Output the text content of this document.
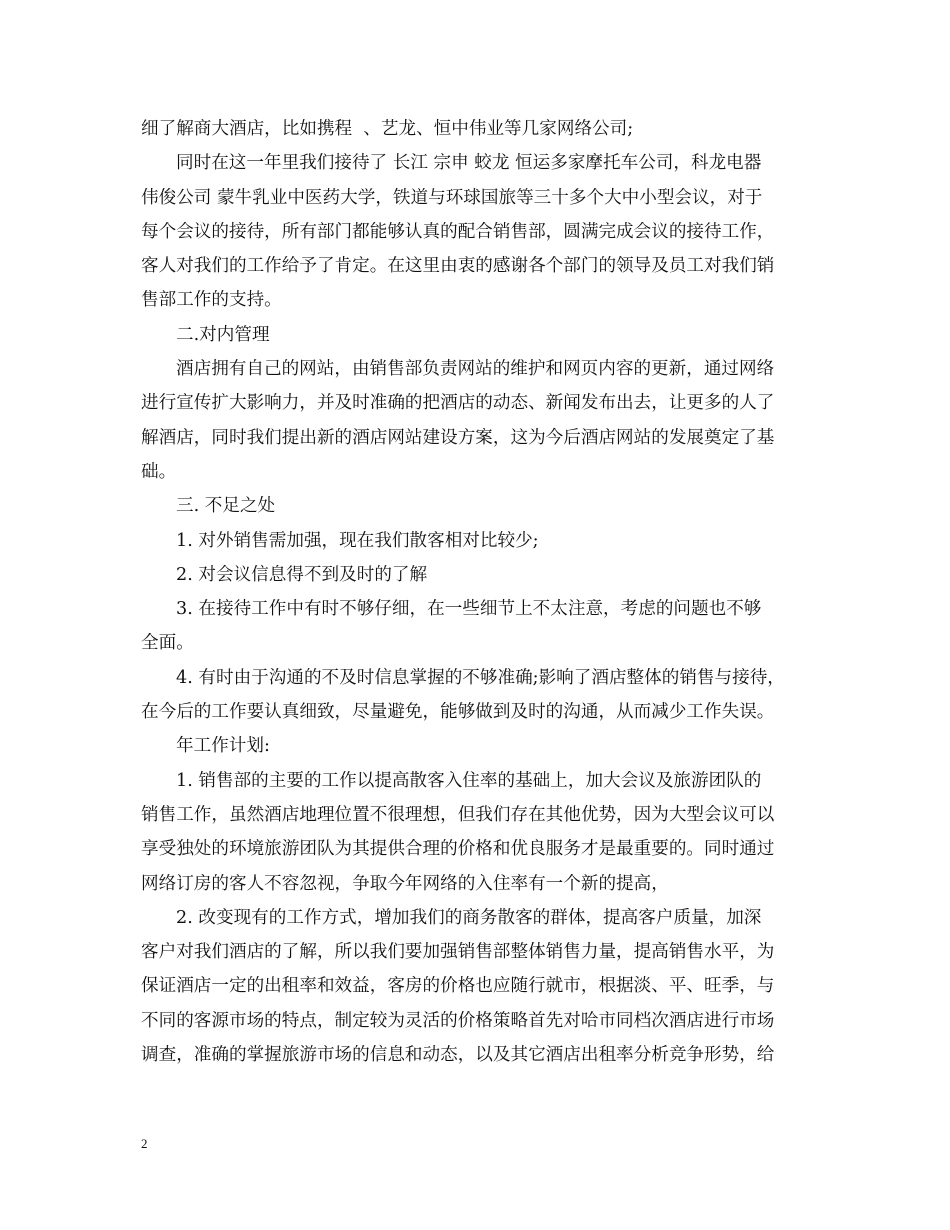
细了解商大酒店，比如携程  、艺龙、恒中伟业等几家网络公司;
同时在这一年里我们接待了 长江 宗申 蛟龙 恒运多家摩托车公司，科龙电器
伟俊公司 蒙牛乳业中医药大学，铁道与环球国旅等三十多个大中小型会议，对于
每个会议的接待，所有部门都能够认真的配合销售部，圆满完成会议的接待工作，
客人对我们的工作给予了肯定。在这里由衷的感谢各个部门的领导及员工对我们销
售部工作的支持。
二.对内管理
酒店拥有自己的网站，由销售部负责网站的维护和网页内容的更新，通过网络
进行宣传扩大影响力，并及时准确的把酒店的动态、新闻发布出去，让更多的人了
解酒店，同时我们提出新的酒店网站建设方案，这为今后酒店网站的发展奠定了基
础。
三. 不足之处
1. 对外销售需加强，现在我们散客相对比较少;
2. 对会议信息得不到及时的了解
3. 在接待工作中有时不够仔细，在一些细节上不太注意，考虑的问题也不够
全面。
4. 有时由于沟通的不及时信息掌握的不够准确;影响了酒店整体的销售与接待，
在今后的工作要认真细致，尽量避免，能够做到及时的沟通，从而减少工作失误。
年工作计划:
1. 销售部的主要的工作以提高散客入住率的基础上，加大会议及旅游团队的
销售工作，虽然酒店地理位置不很理想，但我们存在其他优势，因为大型会议可以
享受独处的环境旅游团队为其提供合理的价格和优良服务才是最重要的。同时通过
网络订房的客人不容忽视，争取今年网络的入住率有一个新的提高，
2. 改变现有的工作方式，增加我们的商务散客的群体，提高客户质量，加深
客户对我们酒店的了解，所以我们要加强销售部整体销售力量，提高销售水平，为
保证酒店一定的出租率和效益，客房的价格也应随行就市，根据淡、平、旺季，与
不同的客源市场的特点，制定较为灵活的价格策略首先对哈市同档次酒店进行市场
调查，准确的掌握旅游市场的信息和动态，以及其它酒店出租率分析竞争形势，给
2
